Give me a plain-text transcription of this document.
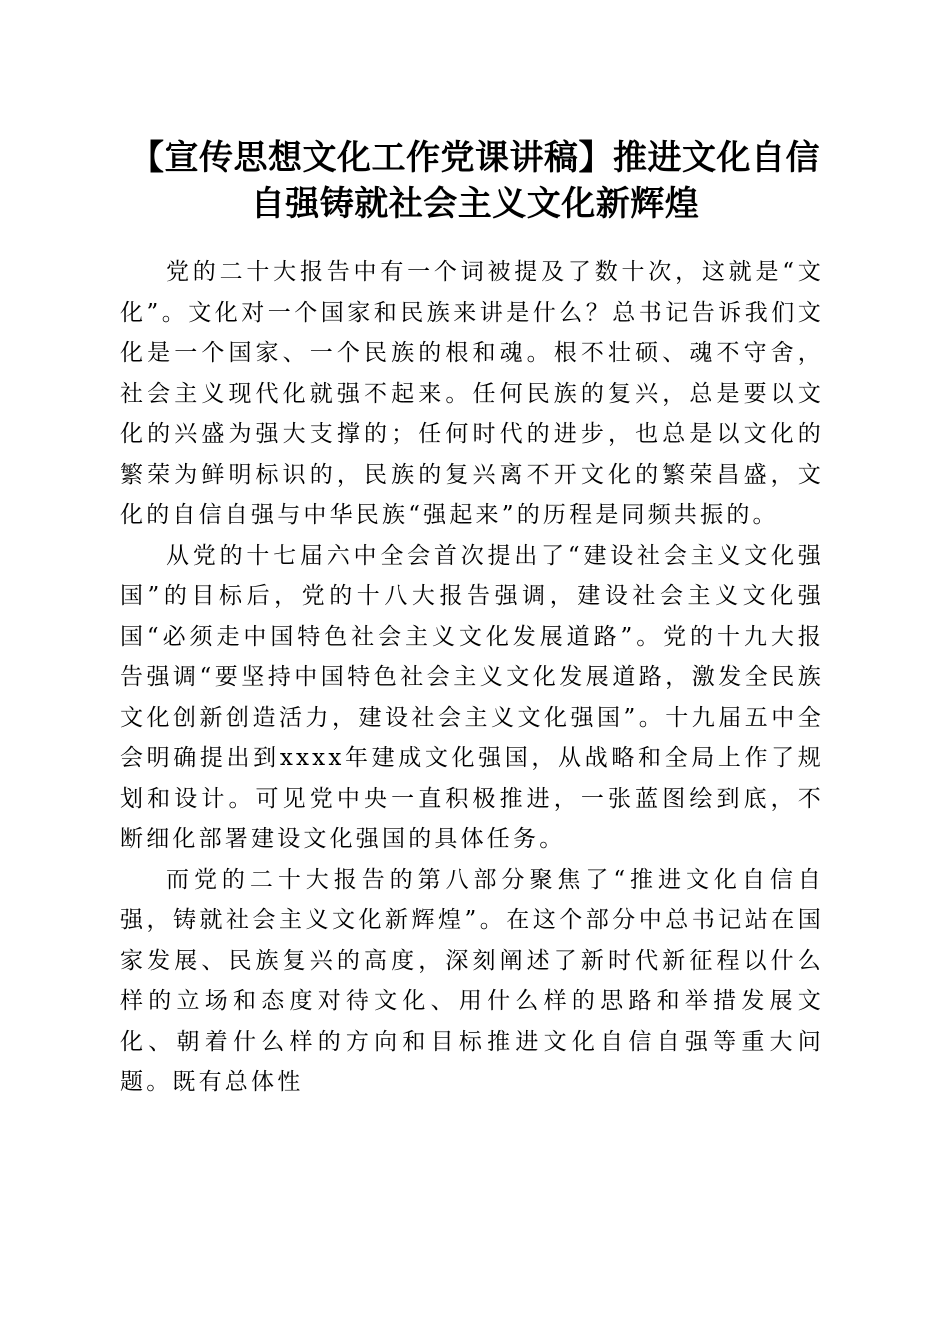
【宣传思想文化工作党课讲稿】推进文化自信
自强铸就社会主义文化新辉煌

党的二十大报告中有一个词被提及了数十次，这就是“文化”。文化对一个国家和民族来讲是什么？总书记告诉我们文化是一个国家、一个民族的根和魂。根不壮硕、魂不守舍，社会主义现代化就强不起来。任何民族的复兴，总是要以文化的兴盛为强大支撑的；任何时代的进步，也总是以文化的繁荣为鲜明标识的，民族的复兴离不开文化的繁荣昌盛，文化的自信自强与中华民族“强起来”的历程是同频共振的。

从党的十七届六中全会首次提出了“建设社会主义文化强国”的目标后，党的十八大报告强调，建设社会主义文化强国“必须走中国特色社会主义文化发展道路”。党的十九大报告强调“要坚持中国特色社会主义文化发展道路，激发全民族文化创新创造活力，建设社会主义文化强国”。十九届五中全会明确提出到xxxx年建成文化强国，从战略和全局上作了规划和设计。可见党中央一直积极推进，一张蓝图绘到底，不断细化部署建设文化强国的具体任务。

而党的二十大报告的第八部分聚焦了“推进文化自信自强，铸就社会主义文化新辉煌”。在这个部分中总书记站在国家发展、民族复兴的高度，深刻阐述了新时代新征程以什么样的立场和态度对待文化、用什么样的思路和举措发展文化、朝着什么样的方向和目标推进文化自信自强等重大问题。既有总体性
